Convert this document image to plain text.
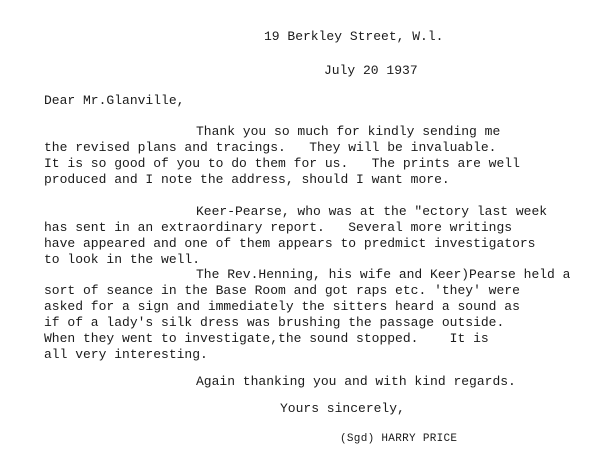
19 Berkley Street, W.l.
July 20 1937
Dear Mr.Glanville,
Thank you so much for kindly sending me
the revised plans and tracings.   They will be invaluable.
It is so good of you to do them for us.   The prints are well
produced and I note the address, should I want more.
Keer-Pearse, who was at the "ectory last week
has sent in an extraordinary report.   Several more writings
have appeared and one of them appears to predmict investigators
to look in the well.
The Rev.Henning, his wife and Keer)Pearse held a
sort of seance in the Base Room and got raps etc. 'they' were
asked for a sign and immediately the sitters heard a sound as
if of a lady's silk dress was brushing the passage outside.
When they went to investigate,the sound stopped.    It is
all very interesting.
Again thanking you and with kind regards.
Yours sincerely,
(Sgd) HARRY PRICE
